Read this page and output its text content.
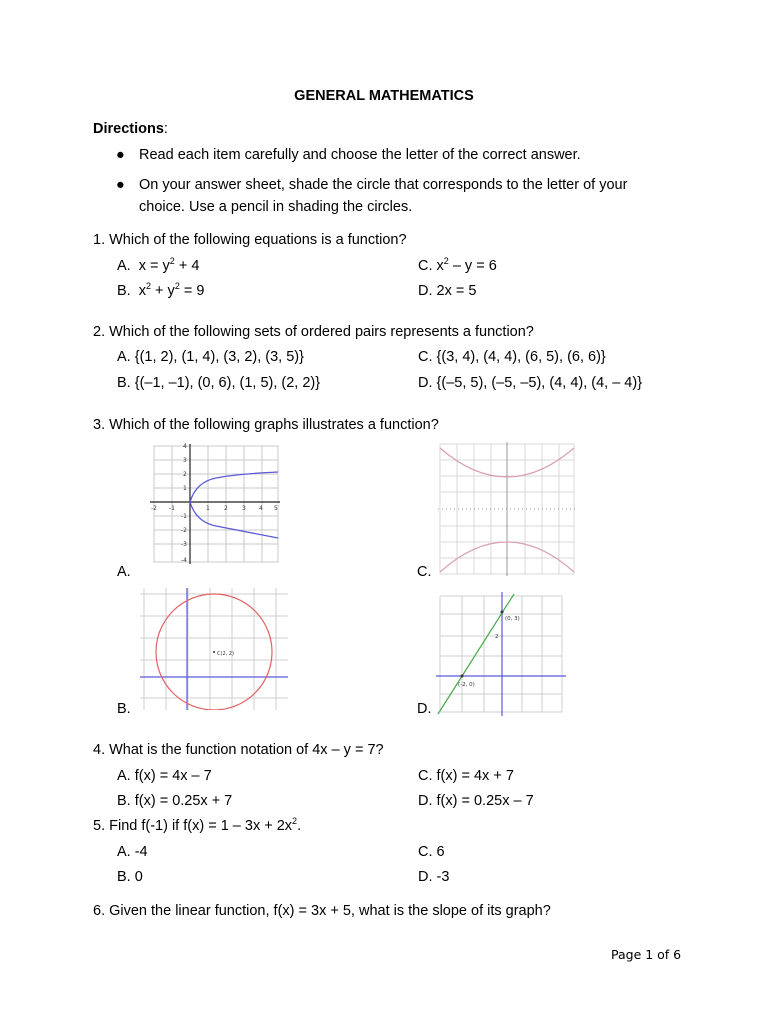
GENERAL MATHEMATICS
Directions:
● Read each item carefully and choose the letter of the correct answer.
● On your answer sheet, shade the circle that corresponds to the letter of your
choice. Use a pencil in shading the circles.
1. Which of the following equations is a function?
A. $x = y^2 + 4$
B. $x^2 + y^2 = 9$
C. $x^2 - y = 6$
D. 2x = 5
2. Which of the following sets of ordered pairs represents a function?
A. {(1, 2), (1, 4), (3, 2), (3, 5)}
B. {(–1, –1), (0, 6), (1, 5), (2, 2)}
C. {(3, 4), (4, 4), (6, 5), (6, 6)}
D. {(–5, 5), (–5, –5), (4, 4), (4, – 4)}
3. Which of the following graphs illustrates a function?
-2 -1	1 2 3 4 5
4
3
2
1
-1
-2
-3
-4
A.	C.
C(2, 2)
B.
(0, 3)
(-2, 0)
2
D.
4. What is the function notation of 4x – y = 7?
A. f(x) = 4x – 7
B. f(x) = 0.25x + 7
C. f(x) = 4x + 7
D. f(x) = 0.25x – 7
5. Find f(-1) if $f(x) = 1 - 3x + 2x^2$.
A. -4
B. 0
C. 6
D. -3
6. Given the linear function, f(x) = 3x + 5, what is the slope of its graph?
Page 1 of 6
